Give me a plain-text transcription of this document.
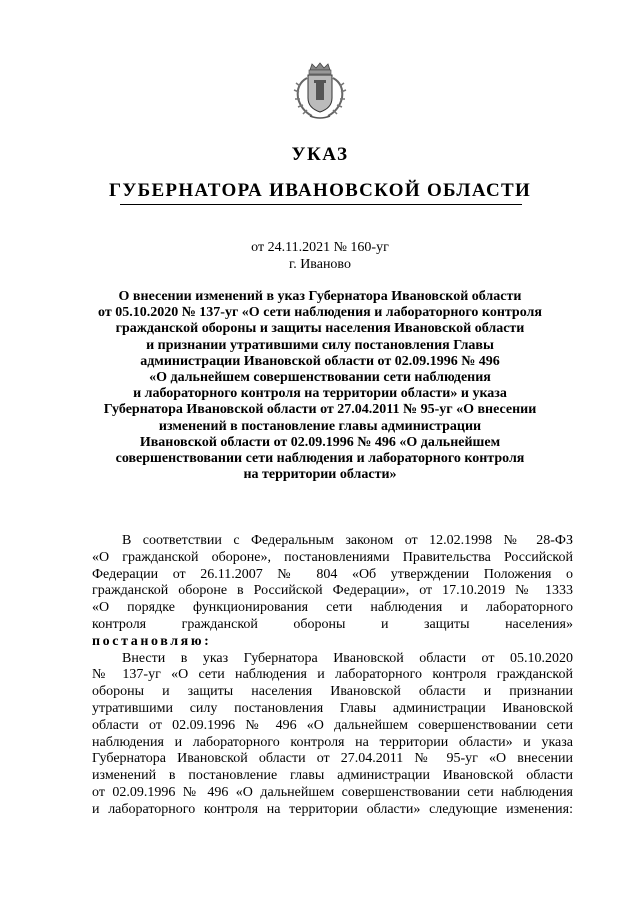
УКАЗ
ГУБЕРНАТОРА ИВАНОВСКОЙ ОБЛАСТИ
от 24.11.2021 № 160-уг
г. Иваново
О внесении изменений в указ Губернатора Ивановской области
от 05.10.2020 № 137-уг «О сети наблюдения и лабораторного контроля
гражданской обороны и защиты населения Ивановской области
и признании утратившими силу постановления Главы
администрации Ивановской области от 02.09.1996 № 496
«О дальнейшем совершенствовании сети наблюдения
и лабораторного контроля на территории области» и указа
Губернатора Ивановской области от 27.04.2011 № 95-уг «О внесении
изменений в постановление главы администрации
Ивановской области от 02.09.1996 № 496 «О дальнейшем
совершенствовании сети наблюдения и лабораторного контроля
на территории области»
В соответствии с Федеральным законом от 12.02.1998 № 28-ФЗ
«О гражданской обороне», постановлениями Правительства Российской
Федерации от 26.11.2007 № 804 «Об утверждении Положения о
гражданской обороне в Российской Федерации», от 17.10.2019 № 1333
«О порядке функционирования сети наблюдения и лабораторного
контроля гражданской обороны и защиты населения»
постановляю:
Внести в указ Губернатора Ивановской области от 05.10.2020
№ 137-уг «О сети наблюдения и лабораторного контроля гражданской
обороны и защиты населения Ивановской области и признании
утратившими силу постановления Главы администрации Ивановской
области от 02.09.1996 № 496 «О дальнейшем совершенствовании сети
наблюдения и лабораторного контроля на территории области» и указа
Губернатора Ивановской области от 27.04.2011 № 95-уг «О внесении
изменений в постановление главы администрации Ивановской области
от 02.09.1996 № 496 «О дальнейшем совершенствовании сети наблюдения
и лабораторного контроля на территории области» следующие изменения:
